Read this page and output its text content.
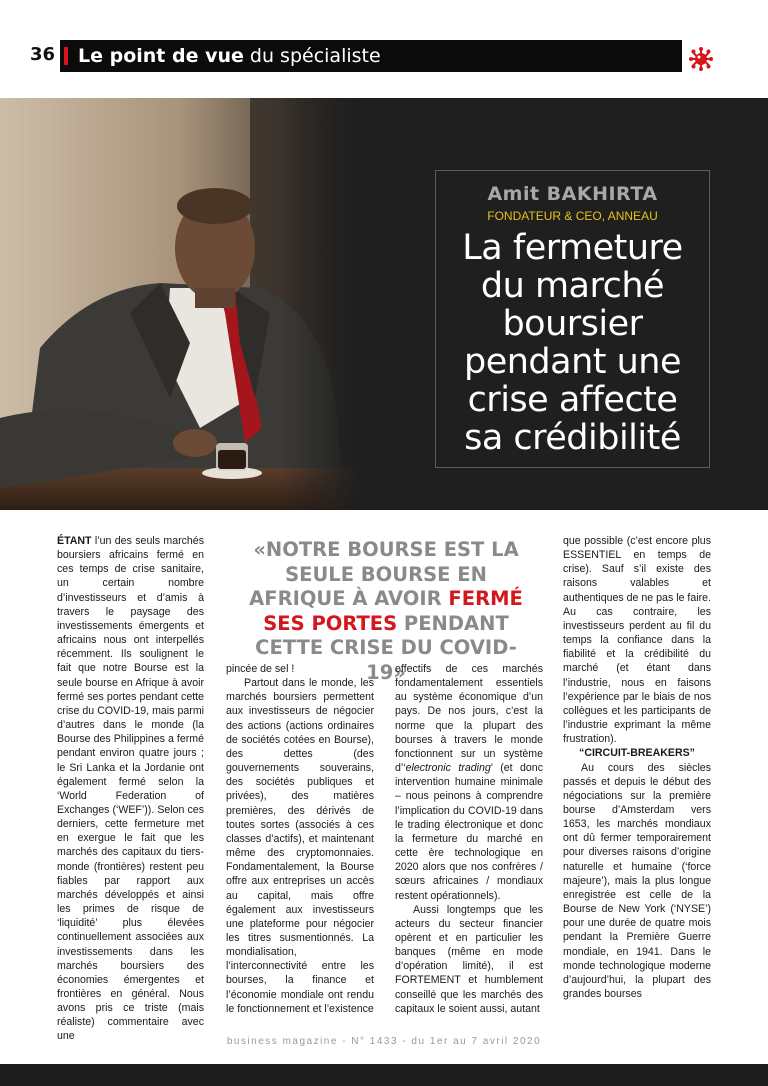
36 Le point de vue du spécialiste
Amit BAKHIRTA
FONDATEUR & CEO, ANNEAU
La fermeture
du marché
boursier
pendant une
crise affecte
sa crédibilité

ÉTANT l’un des seuls marchés boursiers africains fermé en ces temps de crise sanitaire, un certain nombre d’investisseurs et d’amis à travers le paysage des investissements émergents et africains nous ont interpellés récemment. Ils soulignent le fait que notre Bourse est la seule bourse en Afrique à avoir fermé ses portes pendant cette crise du COVID-19, mais parmi d’autres dans le monde (la Bourse des Philippines a fermé pendant environ quatre jours ; le Sri Lanka et la Jordanie ont également fermé selon la ‘World Federation of Exchanges (‘WEF’)). Selon ces derniers, cette fermeture met en exergue le fait que les marchés des capitaux du tiers-monde (frontières) restent peu fiables par rapport aux marchés développés et ainsi les primes de risque de ‘liquidité’ plus élevées continuellement associées aux investissements dans les marchés boursiers des économies émergentes et frontières en général. Nous avons pris ce triste (mais réaliste) commentaire avec une

«NOTRE BOURSE EST LA SEULE BOURSE EN AFRIQUE À AVOIR FERMÉ SES PORTES PENDANT CETTE CRISE DU COVID-19»

pincée de sel !

Partout dans le monde, les marchés boursiers permettent aux investisseurs de négocier des actions (actions ordinaires de sociétés cotées en Bourse), des dettes (des gouvernements souverains, des sociétés publiques et privées), des matières premières, des dérivés de toutes sortes (associés à ces classes d’actifs), et maintenant même des cryptomonnaies. Fondamentalement, la Bourse offre aux entreprises un accès au capital, mais offre également aux investisseurs une plateforme pour négocier les titres susmentionnés. La mondialisation, l’interconnectivité entre les bourses, la finance et l’économie mondiale ont rendu le fonctionnement et l’existence

effectifs de ces marchés fondamentalement essentiels au système économique d’un pays. De nos jours, c’est la norme que la plupart des bourses à travers le monde fonctionnent sur un système d’‘electronic trading’ (et donc intervention humaine minimale – nous peinons à comprendre l’implication du COVID-19 dans le trading électronique et donc la fermeture du marché en cette ère technologique en 2020 alors que nos confrères / sœurs africaines / mondiaux restent opérationnels).

Aussi longtemps que les acteurs du secteur financier opèrent et en particulier les banques (même en mode d’opération limité), il est FORTEMENT et humblement conseillé que les marchés des capitaux le soient aussi, autant

que possible (c’est encore plus ESSENTIEL en temps de crise). Sauf s’il existe des raisons valables et authentiques de ne pas le faire. Au cas contraire, les investisseurs perdent au fil du temps la confiance dans la fiabilité et la crédibilité du marché (et étant dans l’industrie, nous en faisons l’expérience par le biais de nos collègues et les participants de l’industrie exprimant la même frustration).

“CIRCUIT-BREAKERS”

Au cours des siècles passés et depuis le début des négociations sur la première bourse d’Amsterdam vers 1653, les marchés mondiaux ont dû fermer temporairement pour diverses raisons d’origine naturelle et humaine (‘force majeure’), mais la plus longue enregistrée est celle de la Bourse de New York (‘NYSE’) pour une durée de quatre mois pendant la Première Guerre mondiale, en 1941. Dans le monde technologique moderne d’aujourd’hui, la plupart des grandes bourses

business magazine - N° 1433 - du 1er au 7 avril 2020
